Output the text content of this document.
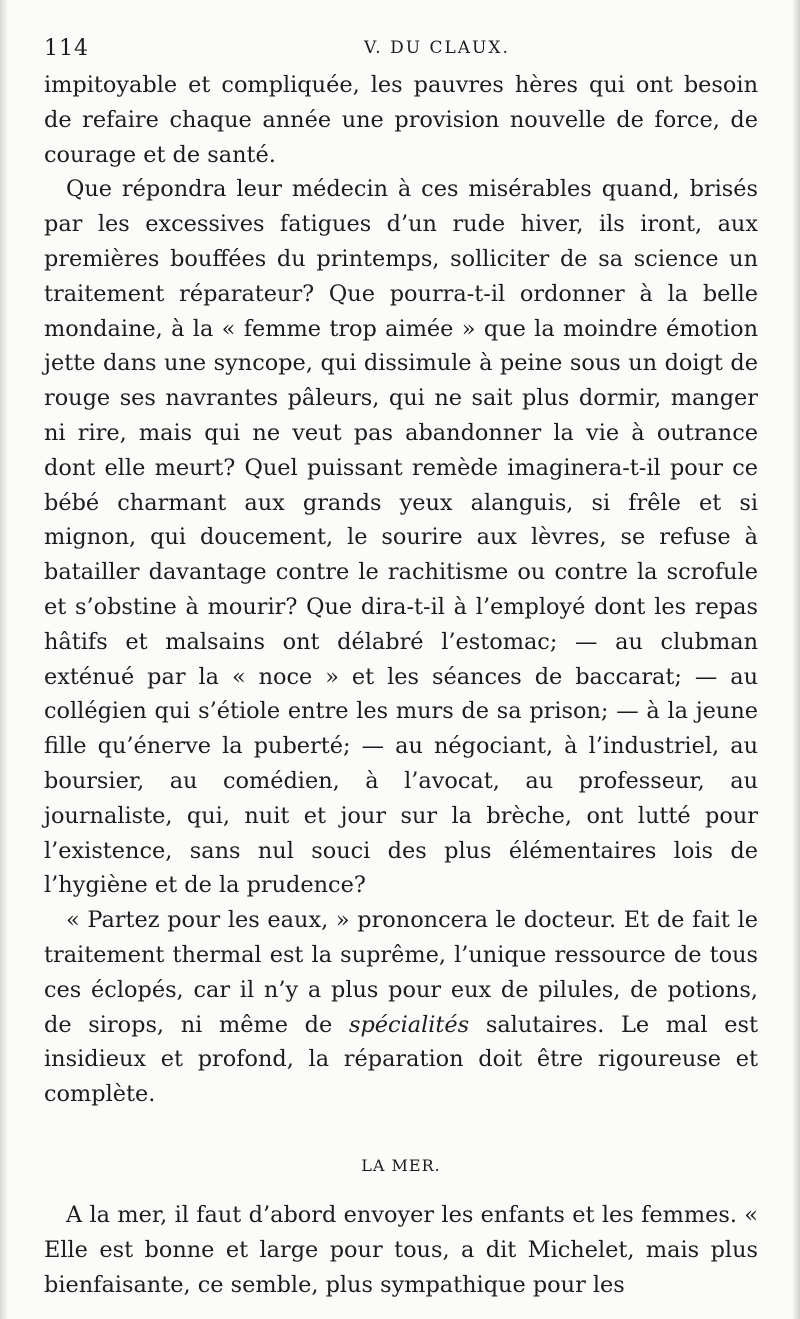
114	V. DU CLAUX.

impitoyable et compliquée, les pauvres hères qui ont besoin de refaire chaque année une provision nouvelle de force, de courage et de santé.

Que répondra leur médecin à ces misérables quand, brisés par les excessives fatigues d’un rude hiver, ils iront, aux premières bouffées du printemps, solliciter de sa science un traitement réparateur? Que pourra-t-il ordonner à la belle mondaine, à la « femme trop aimée » que la moindre émotion jette dans une syncope, qui dissimule à peine sous un doigt de rouge ses navrantes pâleurs, qui ne sait plus dormir, manger ni rire, mais qui ne veut pas abandonner la vie à outrance dont elle meurt? Quel puissant remède imaginera-t-il pour ce bébé charmant aux grands yeux alanguis, si frêle et si mignon, qui doucement, le sourire aux lèvres, se refuse à batailler davantage contre le rachitisme ou contre la scrofule et s’obstine à mourir? Que dira-t-il à l’employé dont les repas hâtifs et malsains ont délabré l’estomac; — au clubman exténué par la « noce » et les séances de baccarat; — au collégien qui s’étiole entre les murs de sa prison; — à la jeune fille qu’énerve la puberté; — au négociant, à l’industriel, au boursier, au comédien, à l’avocat, au professeur, au journaliste, qui, nuit et jour sur la brèche, ont lutté pour l’existence, sans nul souci des plus élémentaires lois de l’hygiène et de la prudence?

« Partez pour les eaux, » prononcera le docteur. Et de fait le traitement thermal est la suprême, l’unique ressource de tous ces éclopés, car il n’y a plus pour eux de pilules, de potions, de sirops, ni même de spécialités salutaires. Le mal est insidieux et profond, la réparation doit être rigoureuse et complète.

LA MER.

A la mer, il faut d’abord envoyer les enfants et les femmes. « Elle est bonne et large pour tous, a dit Michelet, mais plus bienfaisante, ce semble, plus sympathique pour les
